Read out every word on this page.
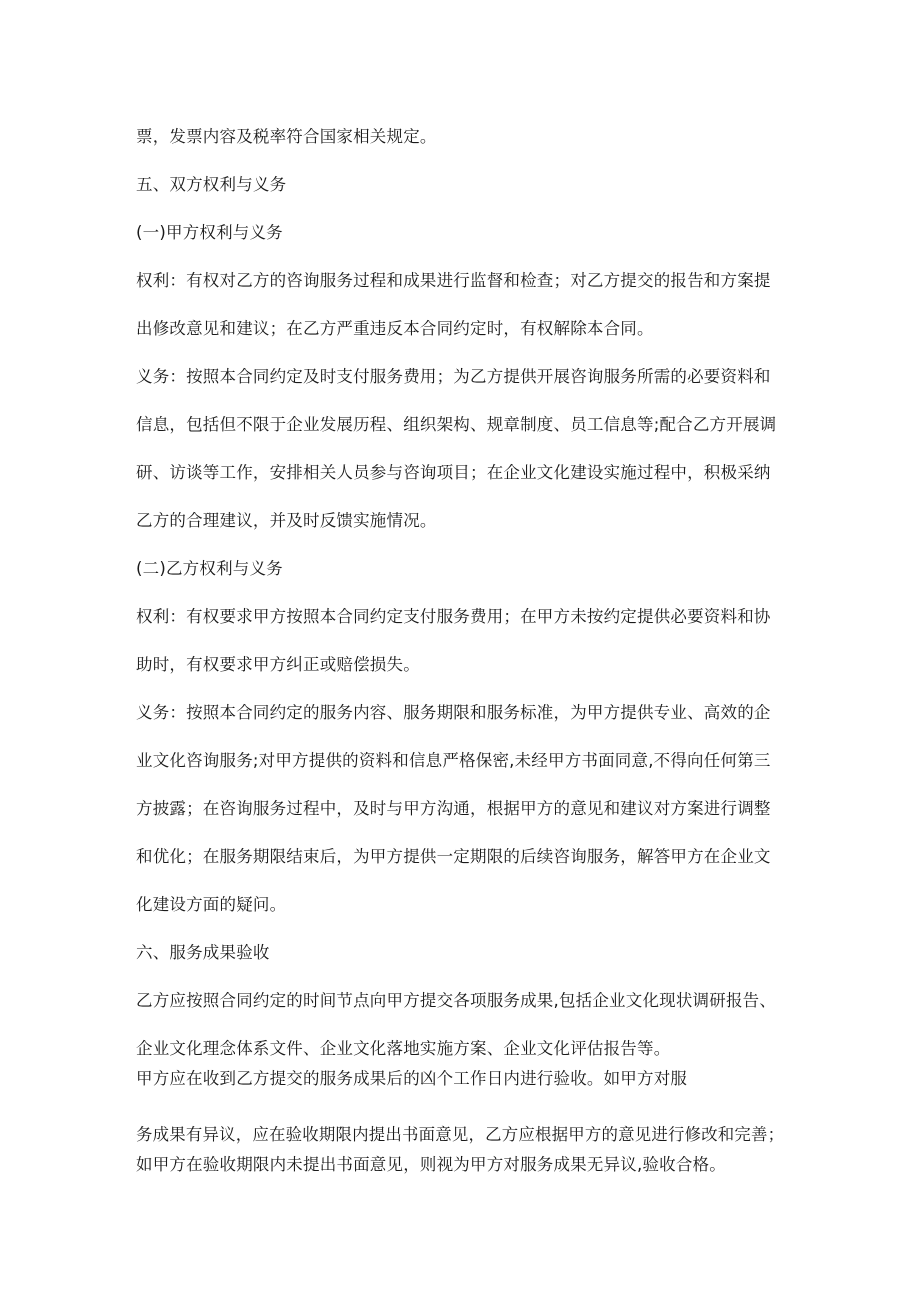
票，发票内容及税率符合国家相关规定。

五、双方权利与义务

(一)甲方权利与义务

权利：有权对乙方的咨询服务过程和成果进行监督和检查；对乙方提交的报告和方案提

出修改意见和建议；在乙方严重违反本合同约定时，有权解除本合同。

义务：按照本合同约定及时支付服务费用；为乙方提供开展咨询服务所需的必要资料和

信息，包括但不限于企业发展历程、组织架构、规章制度、员工信息等;配合乙方开展调

研、访谈等工作，安排相关人员参与咨询项目；在企业文化建设实施过程中，积极采纳

乙方的合理建议，并及时反馈实施情况。

(二)乙方权利与义务

权利：有权要求甲方按照本合同约定支付服务费用；在甲方未按约定提供必要资料和协

助时，有权要求甲方纠正或赔偿损失。

义务：按照本合同约定的服务内容、服务期限和服务标准，为甲方提供专业、高效的企

业文化咨询服务;对甲方提供的资料和信息严格保密,未经甲方书面同意,不得向任何第三

方披露；在咨询服务过程中，及时与甲方沟通，根据甲方的意见和建议对方案进行调整

和优化；在服务期限结束后，为甲方提供一定期限的后续咨询服务，解答甲方在企业文

化建设方面的疑问。

六、服务成果验收

乙方应按照合同约定的时间节点向甲方提交各项服务成果,包括企业文化现状调研报告、

企业文化理念体系文件、企业文化落地实施方案、企业文化评估报告等。

甲方应在收到乙方提交的服务成果后的凶个工作日内进行验收。如甲方对服

务成果有异议，应在验收期限内提出书面意见，乙方应根据甲方的意见进行修改和完善；

如甲方在验收期限内未提出书面意见，则视为甲方对服务成果无异议,验收合格。
